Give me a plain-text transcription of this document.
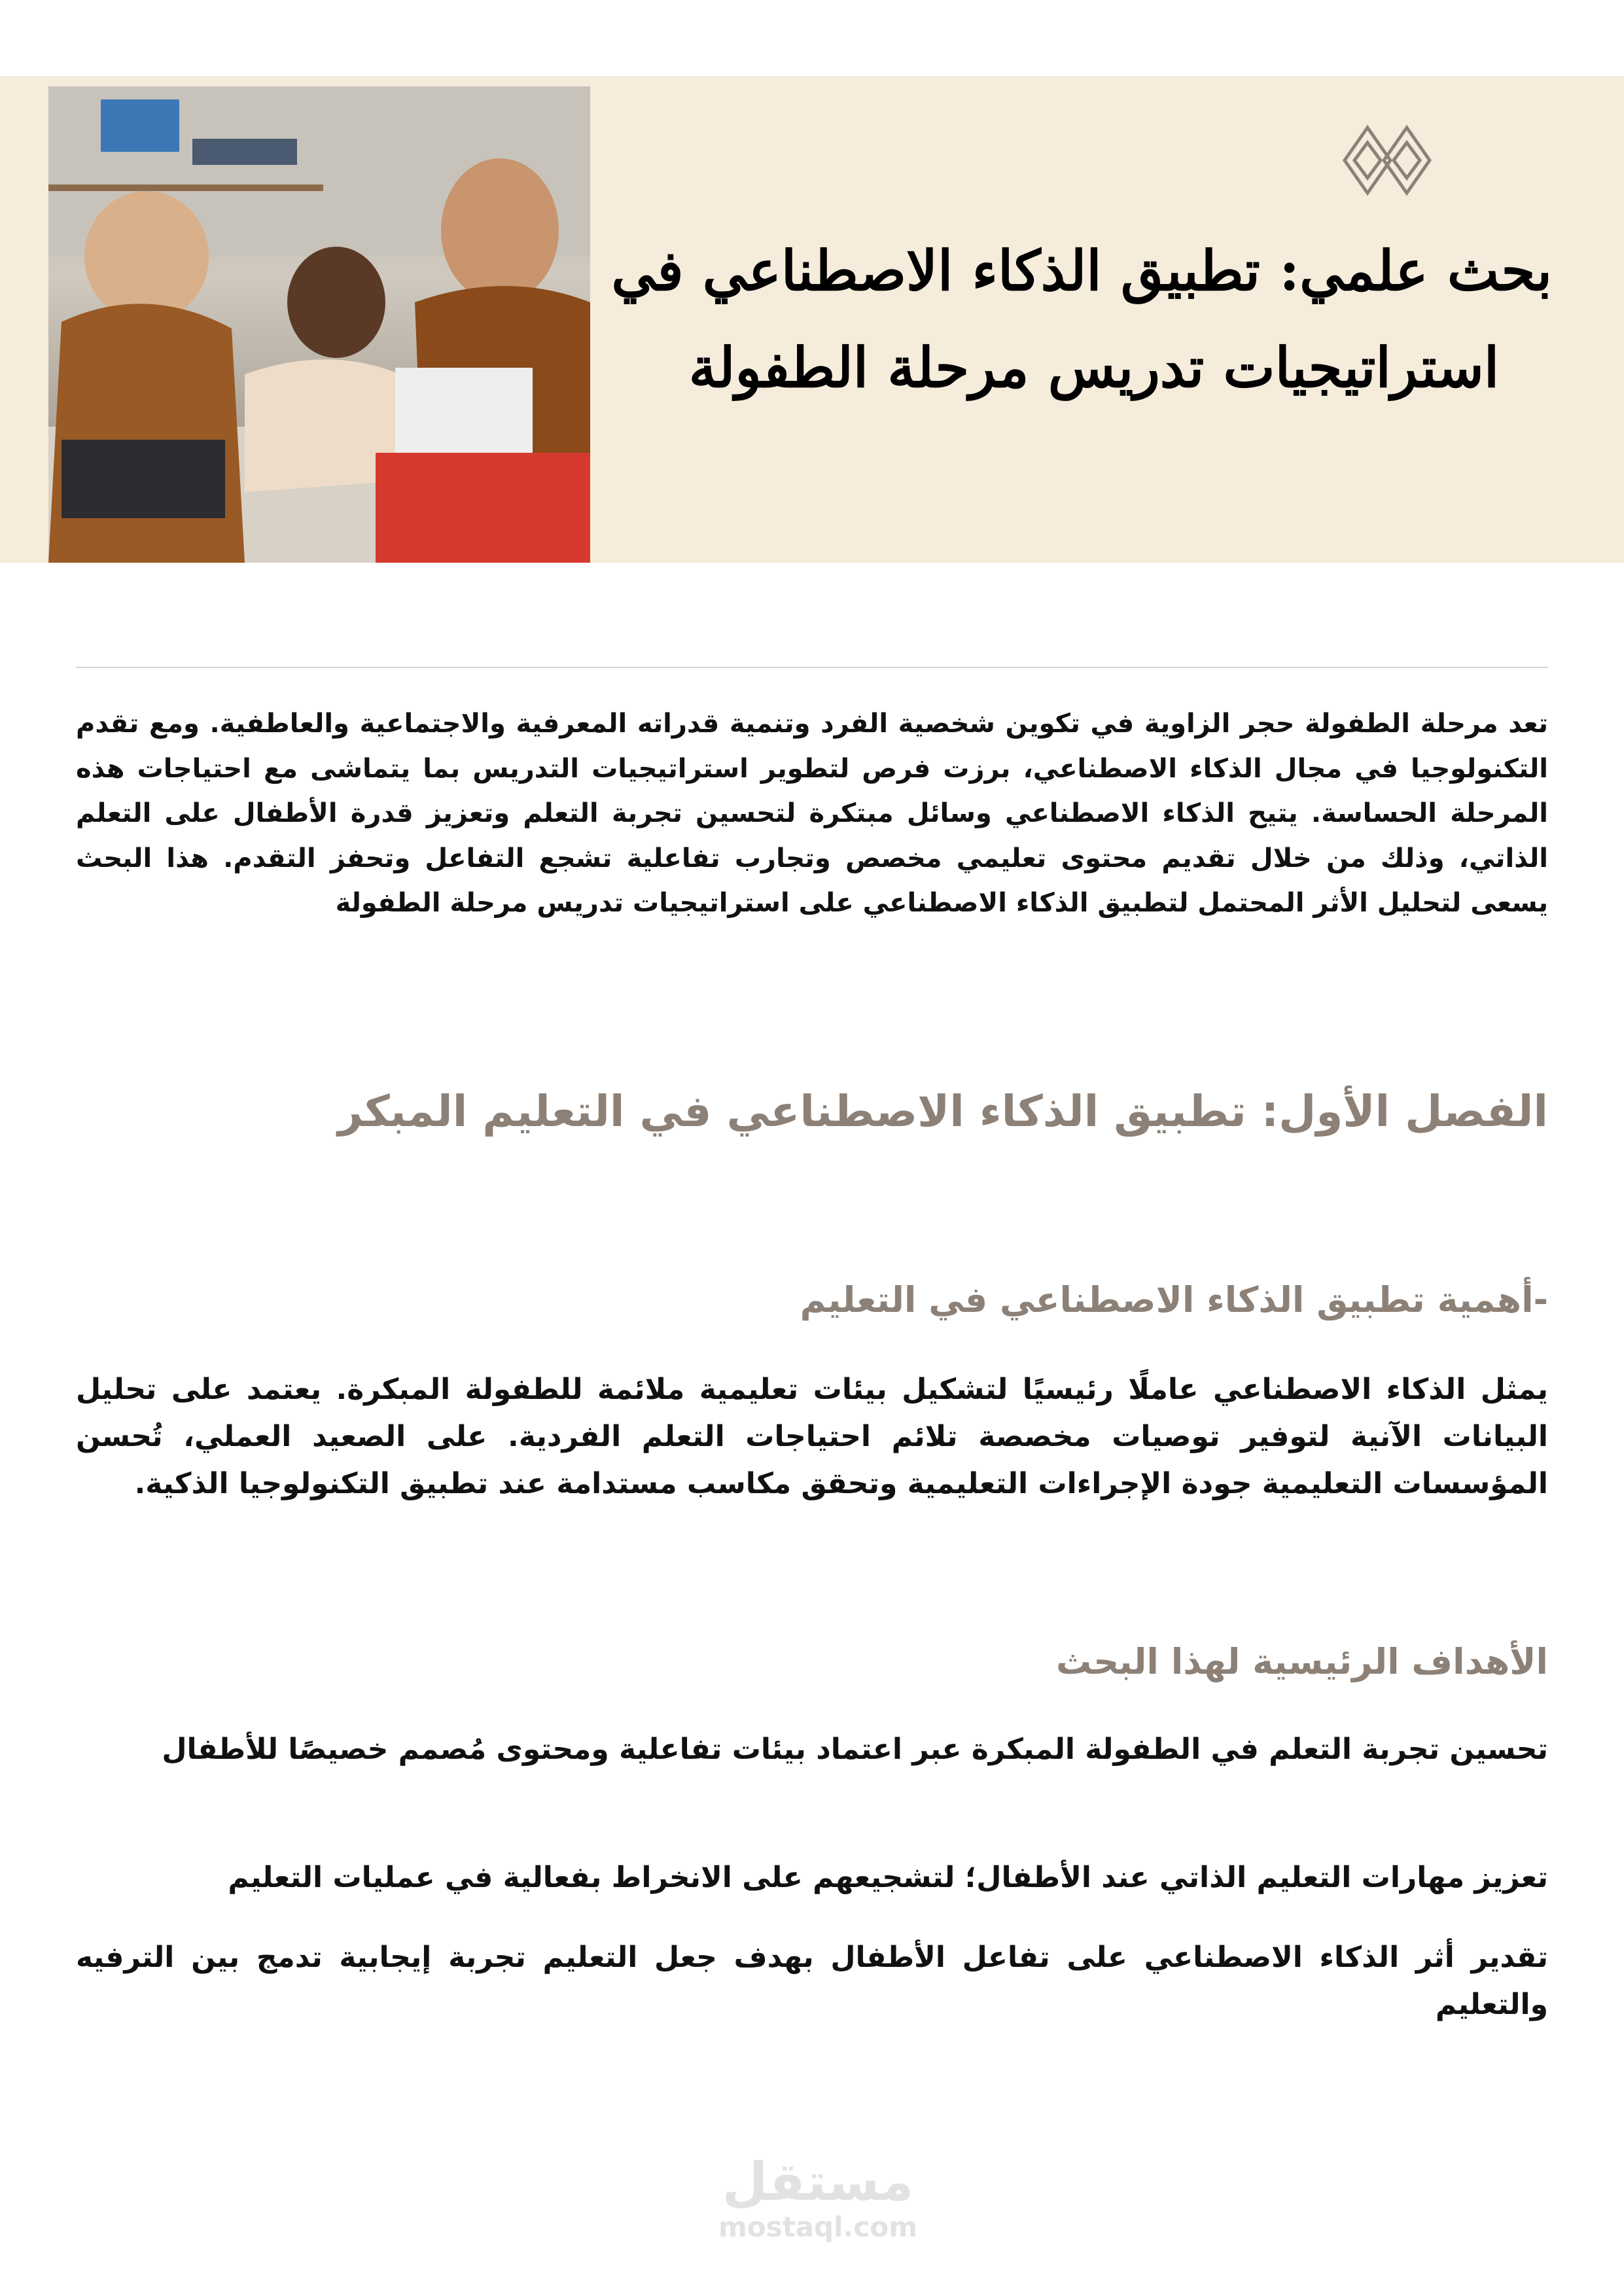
بحث علمي: تطبيق الذكاء الاصطناعي في
استراتيجيات تدريس مرحلة الطفولة

تعد مرحلة الطفولة حجر الزاوية في تكوين شخصية الفرد وتنمية قدراته المعرفية والاجتماعية والعاطفية. ومع تقدم التكنولوجيا في مجال الذكاء الاصطناعي، برزت فرص لتطوير استراتيجيات التدريس بما يتماشى مع احتياجات هذه المرحلة الحساسة. يتيح الذكاء الاصطناعي وسائل مبتكرة لتحسين تجربة التعلم وتعزيز قدرة الأطفال على التعلم الذاتي، وذلك من خلال تقديم محتوى تعليمي مخصص وتجارب تفاعلية تشجع التفاعل وتحفز التقدم. هذا البحث يسعى لتحليل الأثر المحتمل لتطبيق الذكاء الاصطناعي على استراتيجيات تدريس مرحلة الطفولة

الفصل الأول: تطبيق الذكاء الاصطناعي في التعليم المبكر
-أهمية تطبيق الذكاء الاصطناعي في التعليم

يمثل الذكاء الاصطناعي عاملًا رئيسيًا لتشكيل بيئات تعليمية ملائمة للطفولة المبكرة. يعتمد على تحليل البيانات الآنية لتوفير توصيات مخصصة تلائم احتياجات التعلم الفردية. على الصعيد العملي، تُحسن المؤسسات التعليمية جودة الإجراءات التعليمية وتحقق مكاسب مستدامة عند تطبيق التكنولوجيا الذكية.

الأهداف الرئيسية لهذا البحث

تحسين تجربة التعلم في الطفولة المبكرة عبر اعتماد بيئات تفاعلية ومحتوى مُصمم خصيصًا للأطفال

تعزيز مهارات التعليم الذاتي عند الأطفال؛ لتشجيعهم على الانخراط بفعالية في عمليات التعليم

تقدير أثر الذكاء الاصطناعي على تفاعل الأطفال بهدف جعل التعليم تجربة إيجابية تدمج بين الترفيه والتعليم

مستقل
mostaql.com
